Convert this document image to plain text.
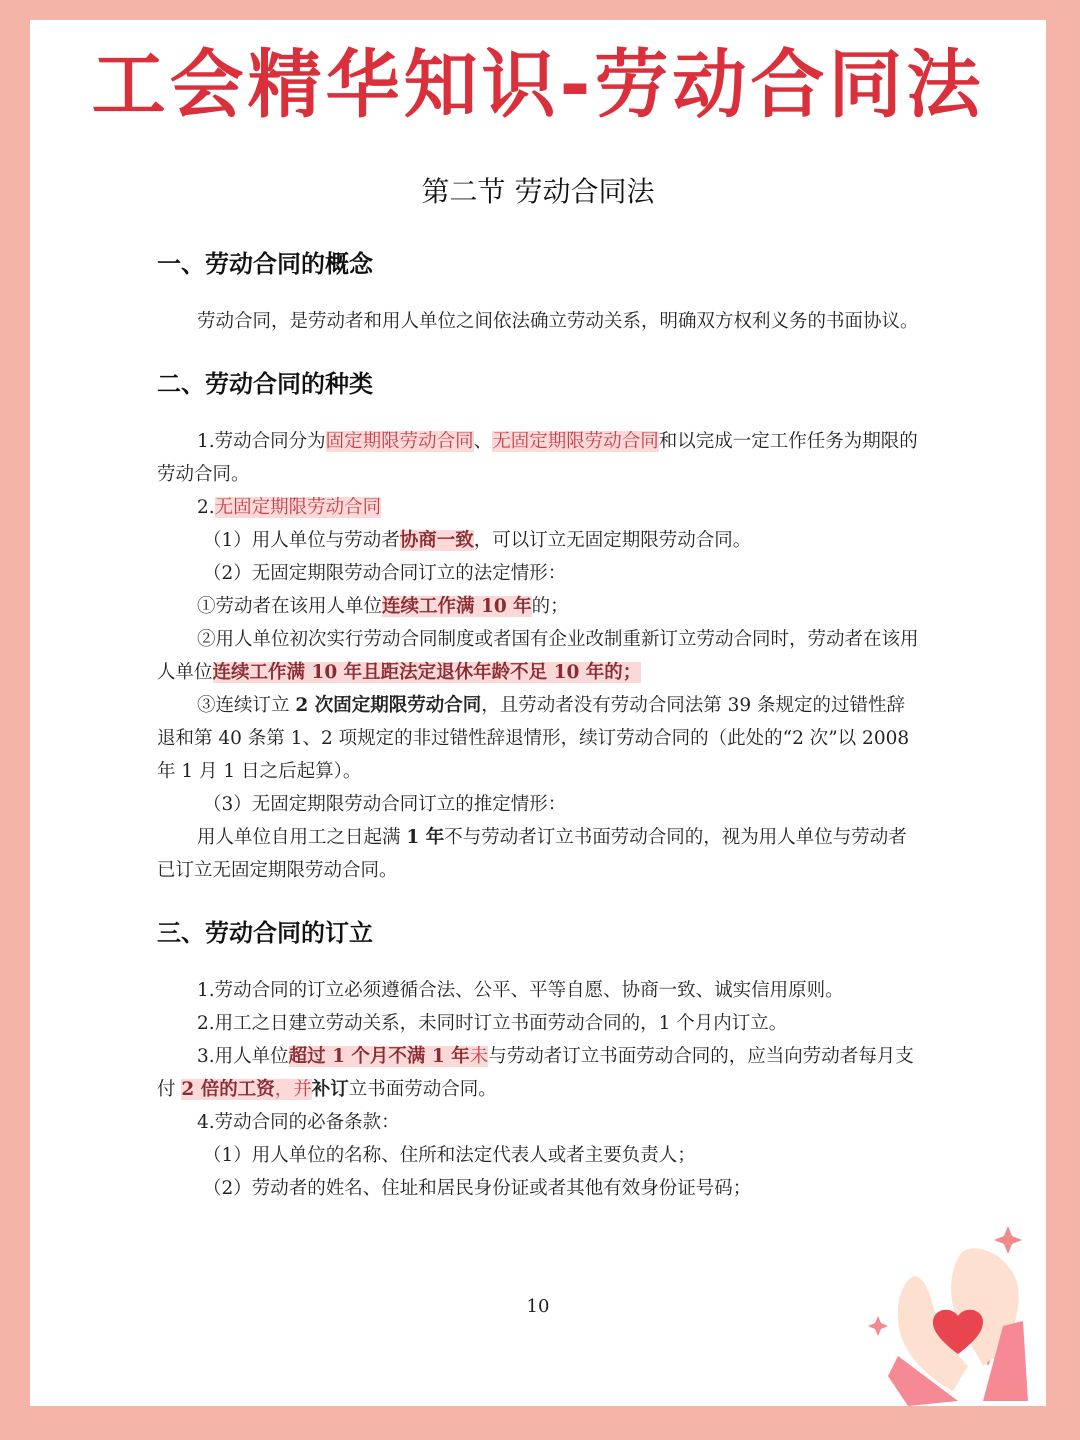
工会精华知识-劳动合同法
第二节 劳动合同法
一、劳动合同的概念

劳动合同，是劳动者和用人单位之间依法确立劳动关系，明确双方权利义务的书面协议。

二、劳动合同的种类

1.劳动合同分为固定期限劳动合同、无固定期限劳动合同和以完成一定工作任务为期限的劳动合同。

2.无固定期限劳动合同

（1）用人单位与劳动者协商一致，可以订立无固定期限劳动合同。

（2）无固定期限劳动合同订立的法定情形：

①劳动者在该用人单位连续工作满 10 年的；

②用人单位初次实行劳动合同制度或者国有企业改制重新订立劳动合同时，劳动者在该用人单位连续工作满 10 年且距法定退休年龄不足 10 年的；

③连续订立 2 次固定期限劳动合同，且劳动者没有劳动合同法第 39 条规定的过错性辞退和第 40 条第 1、2 项规定的非过错性辞退情形，续订劳动合同的（此处的“2 次”以 2008 年 1 月 1 日之后起算）。

（3）无固定期限劳动合同订立的推定情形：

用人单位自用工之日起满 1 年不与劳动者订立书面劳动合同的，视为用人单位与劳动者已订立无固定期限劳动合同。

三、劳动合同的订立

1.劳动合同的订立必须遵循合法、公平、平等自愿、协商一致、诚实信用原则。

2.用工之日建立劳动关系，未同时订立书面劳动合同的，1 个月内订立。

3.用人单位超过 1 个月不满 1 年未与劳动者订立书面劳动合同的，应当向劳动者每月支付 2 倍的工资，并补订立书面劳动合同。

4.劳动合同的必备条款：

（1）用人单位的名称、住所和法定代表人或者主要负责人；

（2）劳动者的姓名、住址和居民身份证或者其他有效身份证号码；

10
